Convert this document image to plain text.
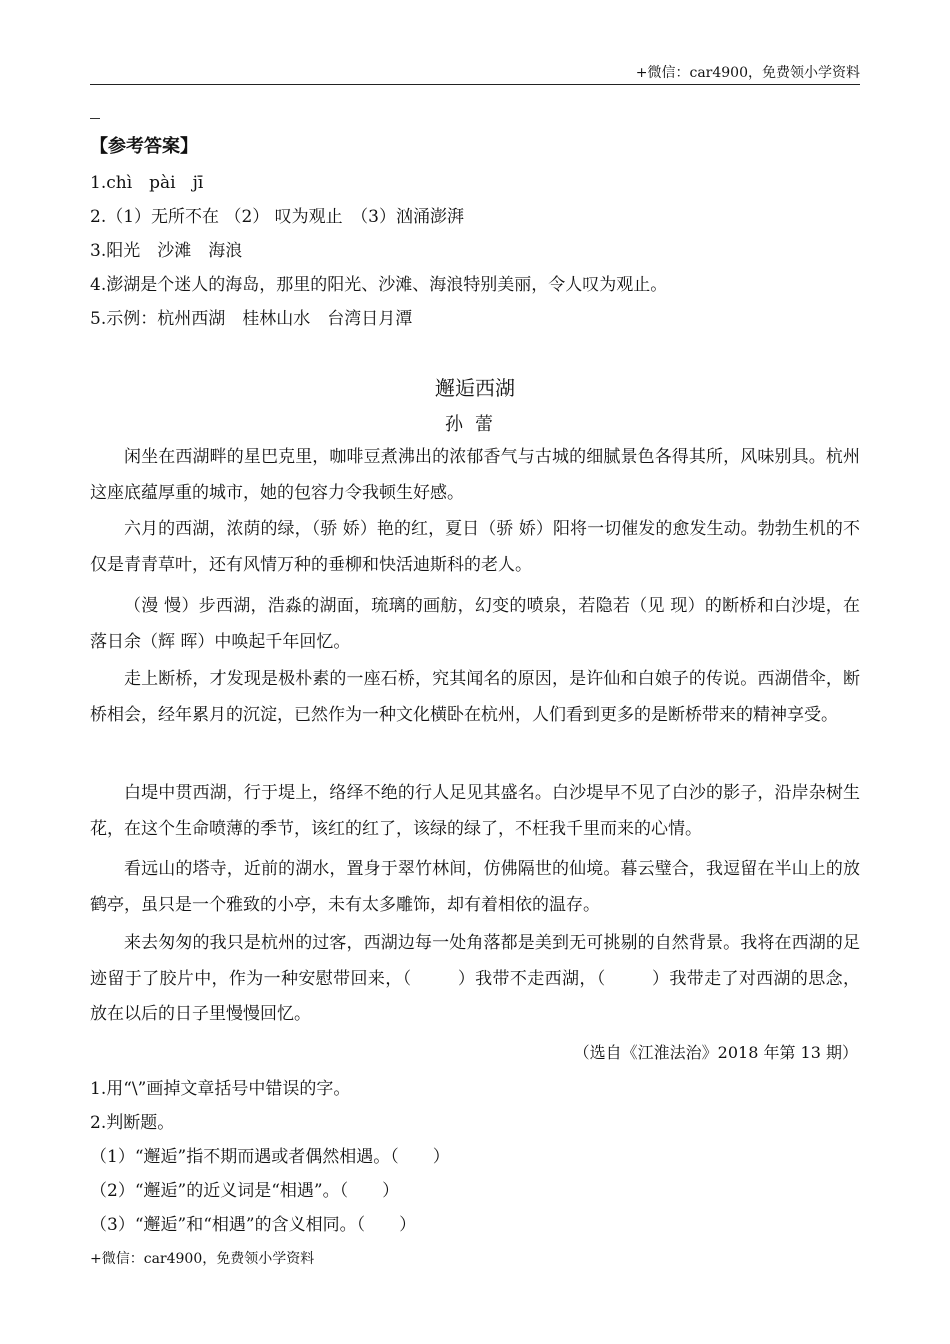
+微信：car4900，免费领小学资料
【参考答案】
1.chì　pài　jī
2.（1）无所不在 （2） 叹为观止　（3）汹涌澎湃
3.阳光　沙滩　海浪
4.澎湖是个迷人的海岛，那里的阳光、沙滩、海浪特别美丽，令人叹为观止。
5.示例：杭州西湖　桂林山水　台湾日月潭
邂逅西湖
孙蕾

闲坐在西湖畔的星巴克里，咖啡豆煮沸出的浓郁香气与古城的细腻景色各得其所，风味别具。杭州这座底蕴厚重的城市，她的包容力令我顿生好感。

六月的西湖，浓荫的绿，（骄 娇）艳的红，夏日（骄 娇）阳将一切催发的愈发生动。勃勃生机的不仅是青青草叶，还有风情万种的垂柳和快活迪斯科的老人。

（漫 慢）步西湖，浩淼的湖面，琉璃的画舫，幻变的喷泉，若隐若（见 现）的断桥和白沙堤，在落日余（辉 晖）中唤起千年回忆。

走上断桥，才发现是极朴素的一座石桥，究其闻名的原因，是许仙和白娘子的传说。西湖借伞，断桥相会，经年累月的沉淀，已然作为一种文化横卧在杭州，人们看到更多的是断桥带来的精神享受。

白堤中贯西湖，行于堤上，络绎不绝的行人足见其盛名。白沙堤早不见了白沙的影子，沿岸杂树生花，在这个生命喷薄的季节，该红的红了，该绿的绿了，不枉我千里而来的心情。

看远山的塔寺，近前的湖水，置身于翠竹林间，仿佛隔世的仙境。暮云璧合，我逗留在半山上的放鹤亭，虽只是一个雅致的小亭，未有太多雕饰，却有着相依的温存。

来去匆匆的我只是杭州的过客，西湖边每一处角落都是美到无可挑剔的自然背景。我将在西湖的足迹留于了胶片中，作为一种安慰带回来，（	）我带不走西湖，（	）我带走了对西湖的思念，放在以后的日子里慢慢回忆。

（选自《江淮法治》2018 年第 13 期）
1.用“\”画掉文章括号中错误的字。
2.判断题。
（1）“邂逅”指不期而遇或者偶然相遇。（　　）
（2）“邂逅”的近义词是“相遇”。（　　）
（3）“邂逅”和“相遇”的含义相同。（　　）
+微信：car4900，免费领小学资料
